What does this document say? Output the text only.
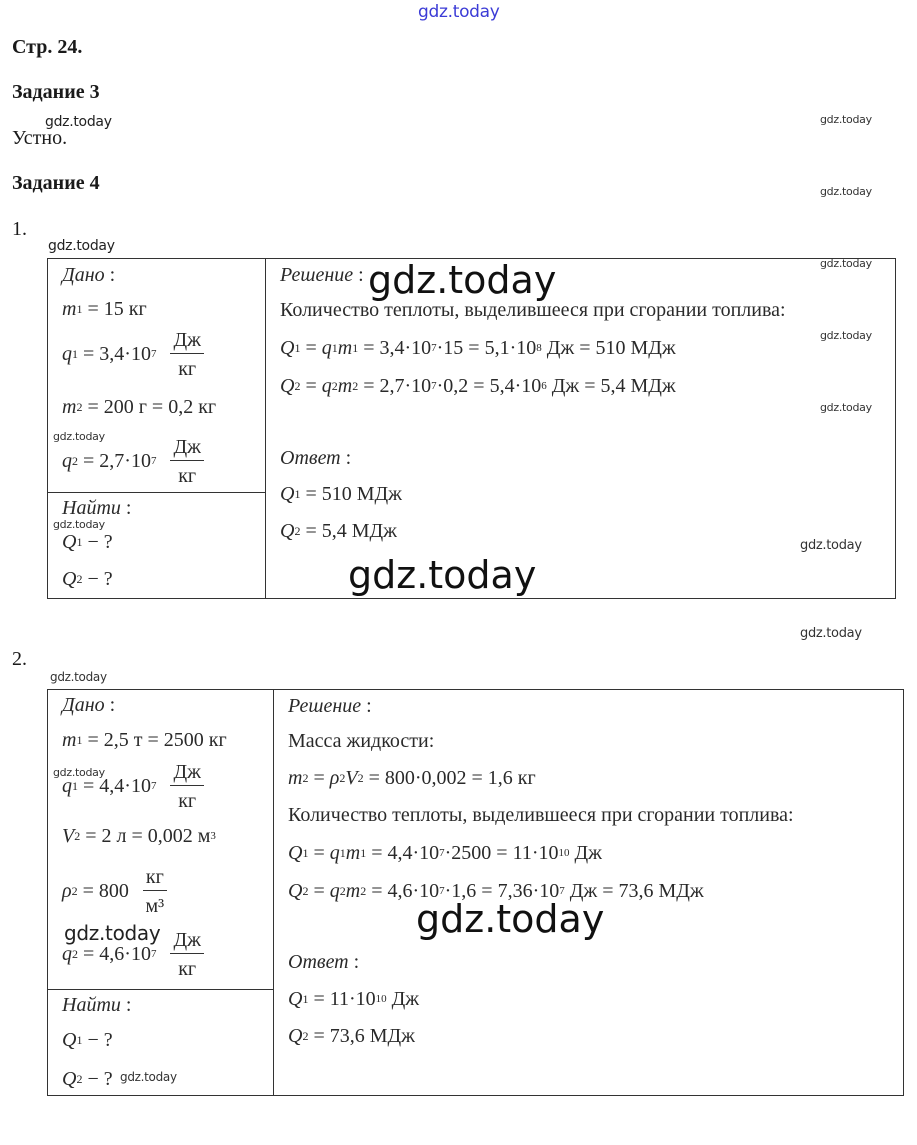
gdz.today
Стр. 24.
Задание 3
Устно.
Задание 4
1.
2.
Дано :
m 1 = 15 кг
q 1 = 3,4·10 $7 \frac{Дж}{кг}$
m 2 = 200 г = 0,2 кг
q 2 = 2,7·10 $7 \frac{Дж}{кг}$
Найти :
Q 1 − ?
Q 2 − ?
Решение :
Количество теплоты, выделившееся при сгорании топлива:
Q 1 = q 1 m 1 = 3,4·10 7 ·15 = 5,1·10 8 Дж = 510 МДж
Q 2 = q 2 m 2 = 2,7·10 7 ·0,2 = 5,4·10 6 Дж = 5,4 МДж
Ответ :
Q 1 = 510 МДж
Q 2 = 5,4 МДж
Дано :
m 1 = 2,5 т = 2500 кг
q 1 = 4,4·10 $7 \frac{Дж}{кг}$
V 2 = 2 л = 0,002 м 3
ρ $2 = 800 \frac{кг}{\text{м³}}$
q 2 = 4,6·10 $7 \frac{Дж}{кг}$
Найти :
Q 1 − ?
Q 2 − ?
Решение :
Масса жидкости:
m 2 = ρ 2 V 2 = 800·0,002 = 1,6 кг
Количество теплоты, выделившееся при сгорании топлива:
Q 1 = q 1 m 1 = 4,4·10 7 ·2500 = 11·10 10 Дж
Q 2 = q 2 m 2 = 4,6·10 7 ·1,6 = 7,36·10 7 Дж = 73,6 МДж
Ответ :
Q 1 = 11·10 10 Дж
Q 2 = 73,6 МДж
gdz.today	gdz.today
gdz.today
gdz.today
gdz.today
gdz.today
gdz.today
gdz.today
gdz.today
gdz.today
gdz.today
gdz.today
gdz.today
gdz.today
gdz.today
gdz.today
gdz.today
gdz.today
